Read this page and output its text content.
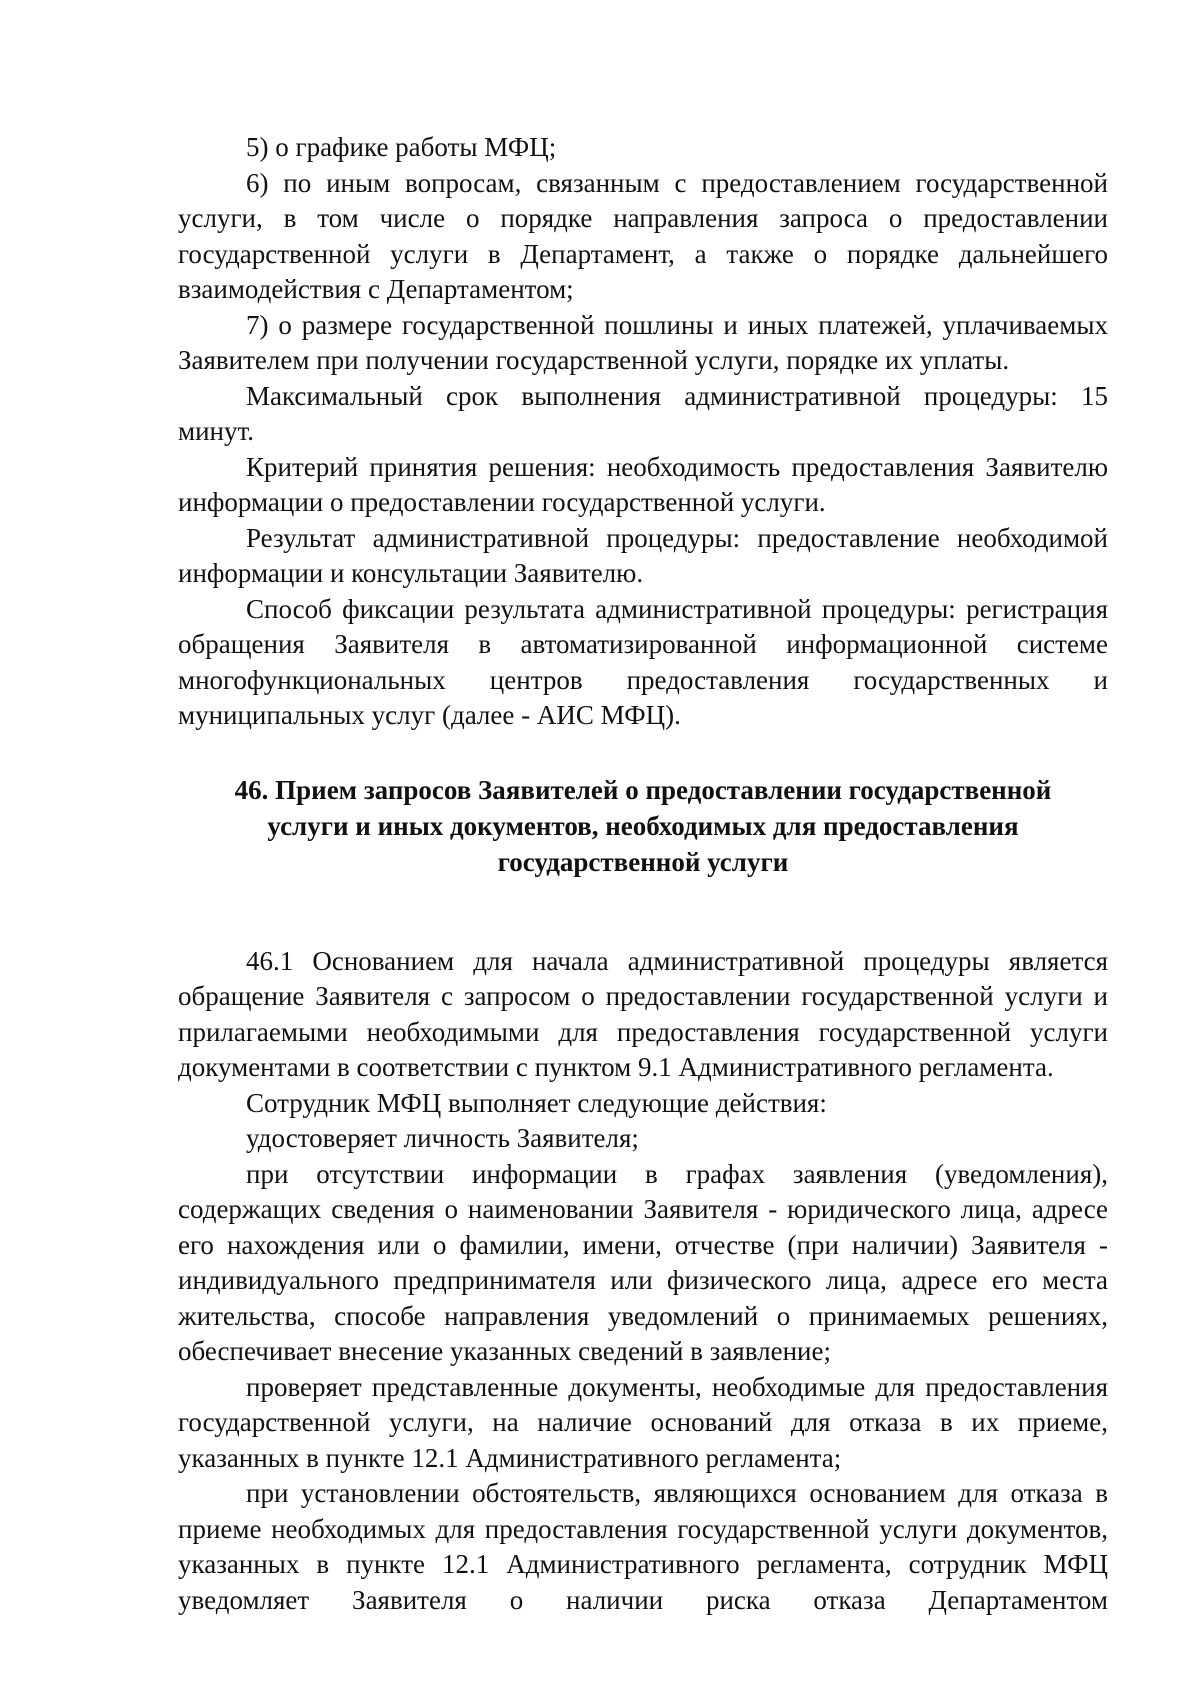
5) о графике работы МФЦ;

6) по иным вопросам, связанным с предоставлением государственной услуги, в том числе о порядке направления запроса о предоставлении государственной услуги в Департамент, а также о порядке дальнейшего взаимодействия с Департаментом;

7) о размере государственной пошлины и иных платежей, уплачиваемых Заявителем при получении государственной услуги, порядке их уплаты.

Максимальный срок выполнения административной процедуры: 15 минут.

Критерий принятия решения: необходимость предоставления Заявителю информации о предоставлении государственной услуги.

Результат административной процедуры: предоставление необходимой информации и консультации Заявителю.

Способ фиксации результата административной процедуры: регистрация обращения Заявителя в автоматизированной информационной системе многофункциональных центров предоставления государственных и муниципальных услуг (далее - АИС МФЦ).

46. Прием запросов Заявителей о предоставлении государственной
услуги и иных документов, необходимых для предоставления
государственной услуги

46.1 Основанием для начала административной процедуры является обращение Заявителя с запросом о предоставлении государственной услуги и прилагаемыми необходимыми для предоставления государственной услуги документами в соответствии с пунктом 9.1 Административного регламента.

Сотрудник МФЦ выполняет следующие действия:

удостоверяет личность Заявителя;

при отсутствии информации в графах заявления (уведомления), содержащих сведения о наименовании Заявителя - юридического лица, адресе его нахождения или о фамилии, имени, отчестве (при наличии) Заявителя - индивидуального предпринимателя или физического лица, адресе его места жительства, способе направления уведомлений о принимаемых решениях, обеспечивает внесение указанных сведений в заявление;

проверяет представленные документы, необходимые для предоставления государственной услуги, на наличие оснований для отказа в их приеме, указанных в пункте 12.1 Административного регламента;

при установлении обстоятельств, являющихся основанием для отказа в приеме необходимых для предоставления государственной услуги документов, указанных в пункте 12.1 Административного регламента, сотрудник МФЦ уведомляет Заявителя о наличии риска отказа Департаментом
